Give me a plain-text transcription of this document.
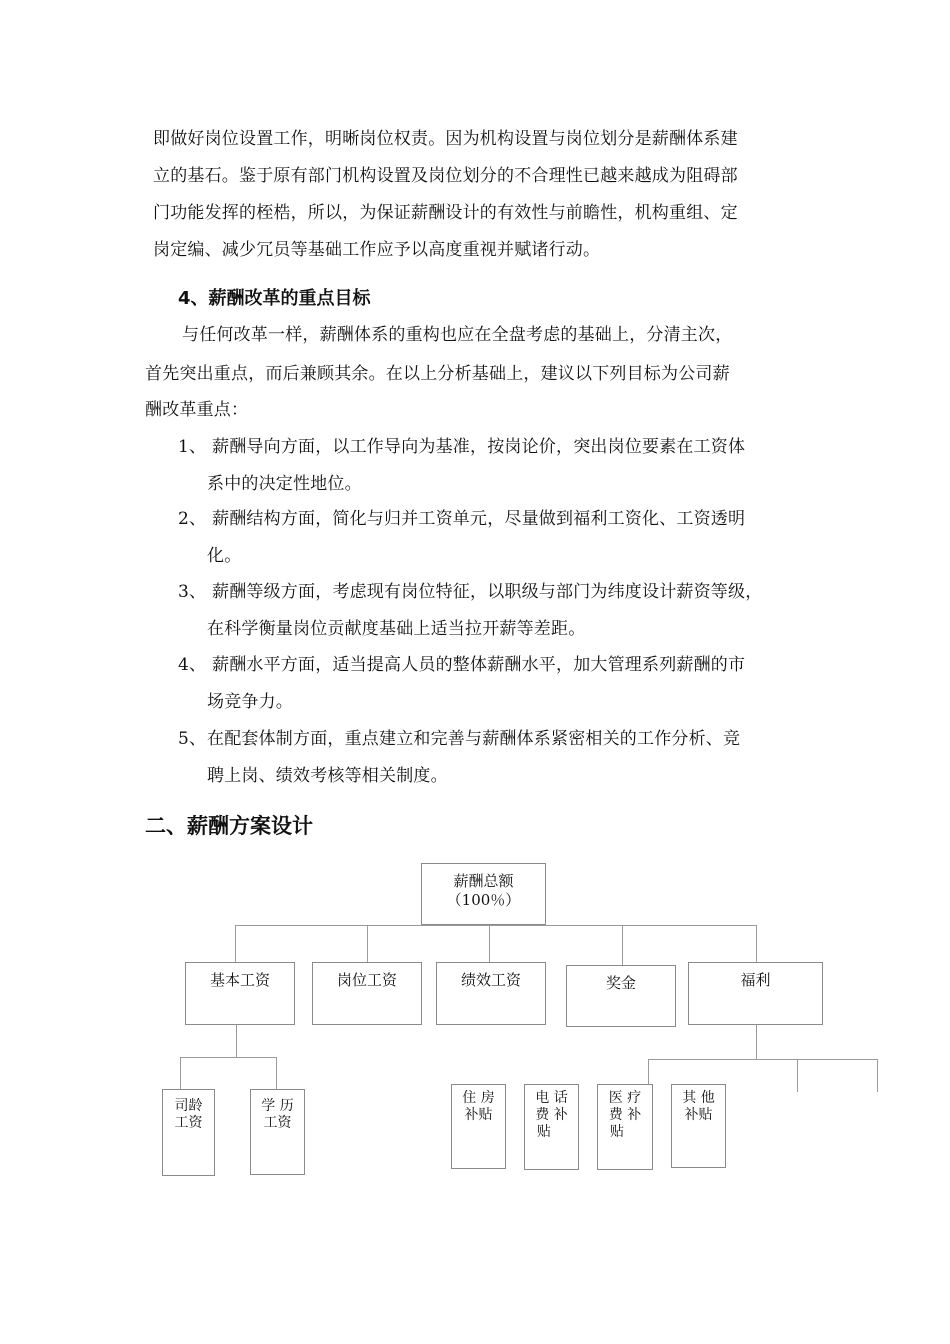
即做好岗位设置工作，明晰岗位权责。因为机构设置与岗位划分是薪酬体系建
立的基石。鉴于原有部门机构设置及岗位划分的不合理性已越来越成为阻碍部
门功能发挥的桎梏，所以，为保证薪酬设计的有效性与前瞻性，机构重组、定
岗定编、减少冗员等基础工作应予以高度重视并赋诸行动。
4、薪酬改革的重点目标
与任何改革一样，薪酬体系的重构也应在全盘考虑的基础上，分清主次，
首先突出重点，而后兼顾其余。在以上分析基础上，建议以下列目标为公司薪
酬改革重点：
1、 薪酬导向方面，以工作导向为基准，按岗论价，突出岗位要素在工资体
系中的决定性地位。
2、 薪酬结构方面，简化与归并工资单元，尽量做到福利工资化、工资透明
化。
3、 薪酬等级方面，考虑现有岗位特征，以职级与部门为纬度设计薪资等级，
在科学衡量岗位贡献度基础上适当拉开薪等差距。
4、 薪酬水平方面，适当提高人员的整体薪酬水平，加大管理系列薪酬的市
场竞争力。
5、在配套体制方面，重点建立和完善与薪酬体系紧密相关的工作分析、竞
聘上岗、绩效考核等相关制度。
二、薪酬方案设计
薪酬总额
（100％）
基本工资	岗位工资	绩效工资	奖金	福利
司龄
工资
学 历
工资
住 房
补贴
电 话
费 补
贴
医 疗
费 补
贴
其 他
补贴
